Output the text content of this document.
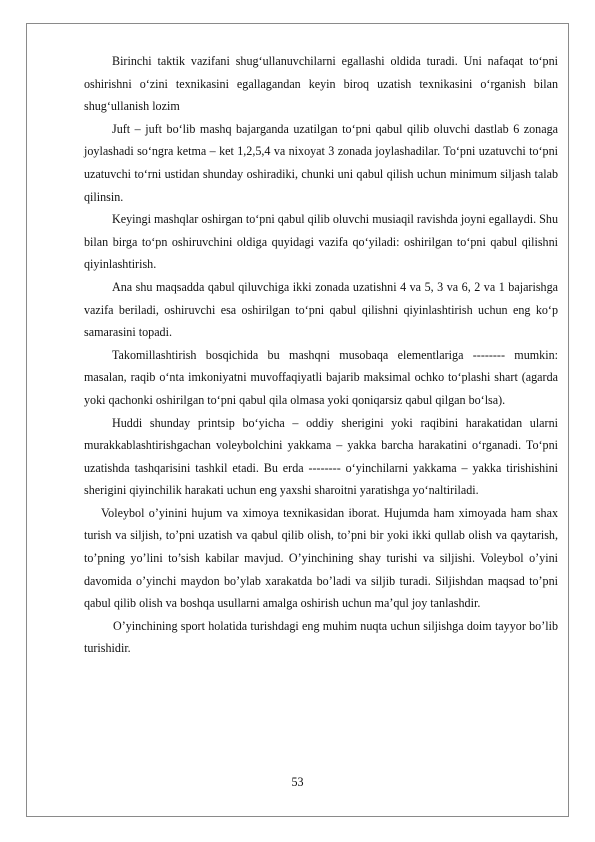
Birinchi taktik vazifani shug‘ullanuvchilarni egallashi oldida turadi. Uni nafaqat to‘pni oshirishni o‘zini texnikasini egallagandan keyin biroq uzatish texnikasini o‘rganish bilan shug‘ullanish lozim

Juft – juft bo‘lib mashq bajarganda uzatilgan to‘pni qabul qilib oluvchi dastlab 6 zonaga joylashadi so‘ngra ketma – ket 1,2,5,4 va nixoyat 3 zonada joylashadilar. To‘pni uzatuvchi to‘pni uzatuvchi to‘rni ustidan shunday oshiradiki, chunki uni qabul qilish uchun minimum siljash talab qilinsin.

Keyingi mashqlar oshirgan to‘pni qabul qilib oluvchi musiaqil ravishda joyni egallaydi. Shu bilan birga to‘pn oshiruvchini oldiga quyidagi vazifa qo‘yiladi: oshirilgan to‘pni qabul qilishni qiyinlashtirish.

Ana shu maqsadda qabul qiluvchiga ikki zonada uzatishni 4 va 5, 3 va 6, 2 va 1 bajarishga vazifa beriladi, oshiruvchi esa oshirilgan to‘pni qabul qilishni qiyinlashtirish uchun eng ko‘p samarasini topadi.

Takomillashtirish bosqichida bu mashqni musobaqa elementlariga -------- mumkin: masalan, raqib o‘nta imkoniyatni muvoffaqiyatli bajarib maksimal ochko to‘plashi shart (agarda yoki qachonki oshirilgan to‘pni qabul qila olmasa yoki qoniqarsiz qabul qilgan bo‘lsa).

Huddi shunday printsip bo‘yicha – oddiy sherigini yoki raqibini harakatidan ularni murakkablashtirishgachan voleybolchini yakkama – yakka barcha harakatini o‘rganadi. To‘pni uzatishda tashqarisini tashkil etadi. Bu erda -------- o‘yinchilarni yakkama – yakka tirishishini sherigini qiyinchilik harakati uchun eng yaxshi sharoitni yaratishga yo‘naltiriladi.

Voleybol o’yinini hujum va ximoya texnikasidan iborat. Hujumda ham ximoyada ham shax turish va siljish, to’pni uzatish va qabul qilib olish, to’pni bir yoki ikki qullab olish va qaytarish, to’pning yo’lini to’sish kabilar mavjud. O’yinchining shay turishi va siljishi. Voleybol o’yini davomida o’yinchi maydon bo’ylab xarakatda bo’ladi va siljib turadi. Siljishdan maqsad to’pni qabul qilib olish va boshqa usullarni amalga oshirish uchun ma’qul joy tanlashdir.

O’yinchining sport holatida turishdagi eng muhim nuqta uchun siljishga doim tayyor bo’lib turishidir.

53
